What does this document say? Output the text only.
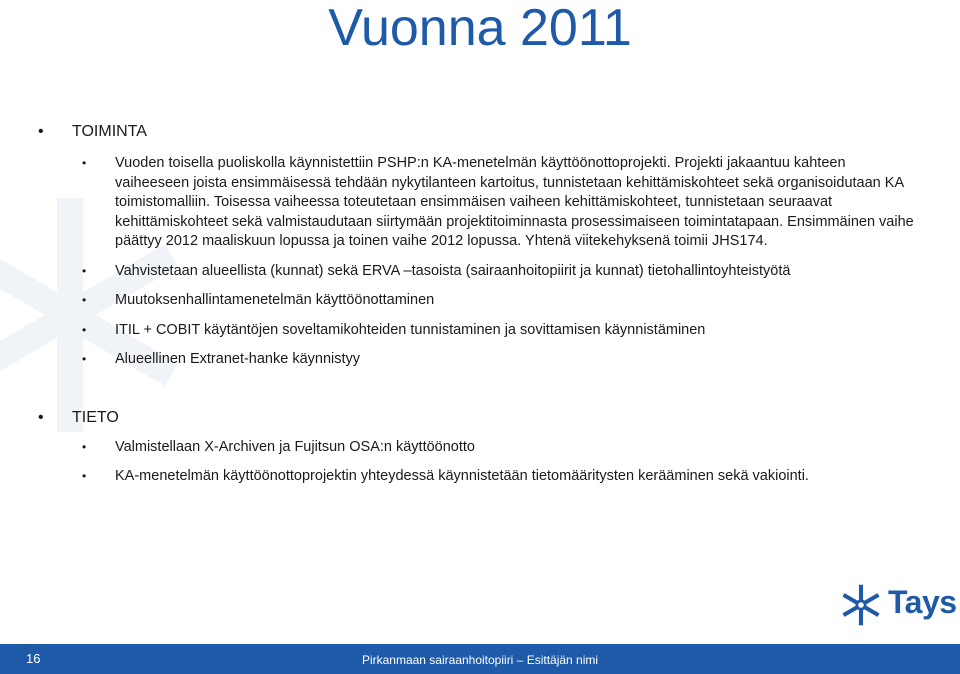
Vuonna 2011
• TOIMINTA
• Vuoden toisella puoliskolla käynnistettiin PSHP:n KA-menetelmän käyttöönottoprojekti. Projekti jakaantuu kahteen vaiheeseen joista ensimmäisessä tehdään nykytilanteen kartoitus, tunnistetaan kehittämiskohteet sekä organisoidutaan KA toimistomalliin. Toisessa vaiheessa toteutetaan ensimmäisen vaiheen kehittämiskohteet, tunnistetaan seuraavat kehittämiskohteet sekä valmistaudutaan siirtymään projektitoiminnasta prosessimaiseen toimintatapaan. Ensimmäinen vaihe päättyy 2012 maaliskuun lopussa ja toinen vaihe 2012 lopussa. Yhtenä viitekehyksenä toimii JHS174.
• Vahvistetaan alueellista (kunnat) sekä ERVA –tasoista (sairaanhoitopiirit ja kunnat) tietohallintoyhteistyötä
• Muutoksenhallintamenetelmän käyttöönottaminen
• ITIL + COBIT käytäntöjen soveltamikohteiden tunnistaminen ja sovittamisen käynnistäminen
• Alueellinen Extranet-hanke käynnistyy
• TIETO
• Valmistellaan X-Archiven ja Fujitsun OSA:n käyttöönotto
• KA-menetelmän käyttöönottoprojektin yhteydessä käynnistetään tietomääritysten kerääminen sekä vakiointi.
Tays
16	Pirkanmaan sairaanhoitopiiri – Esittäjän nimi
